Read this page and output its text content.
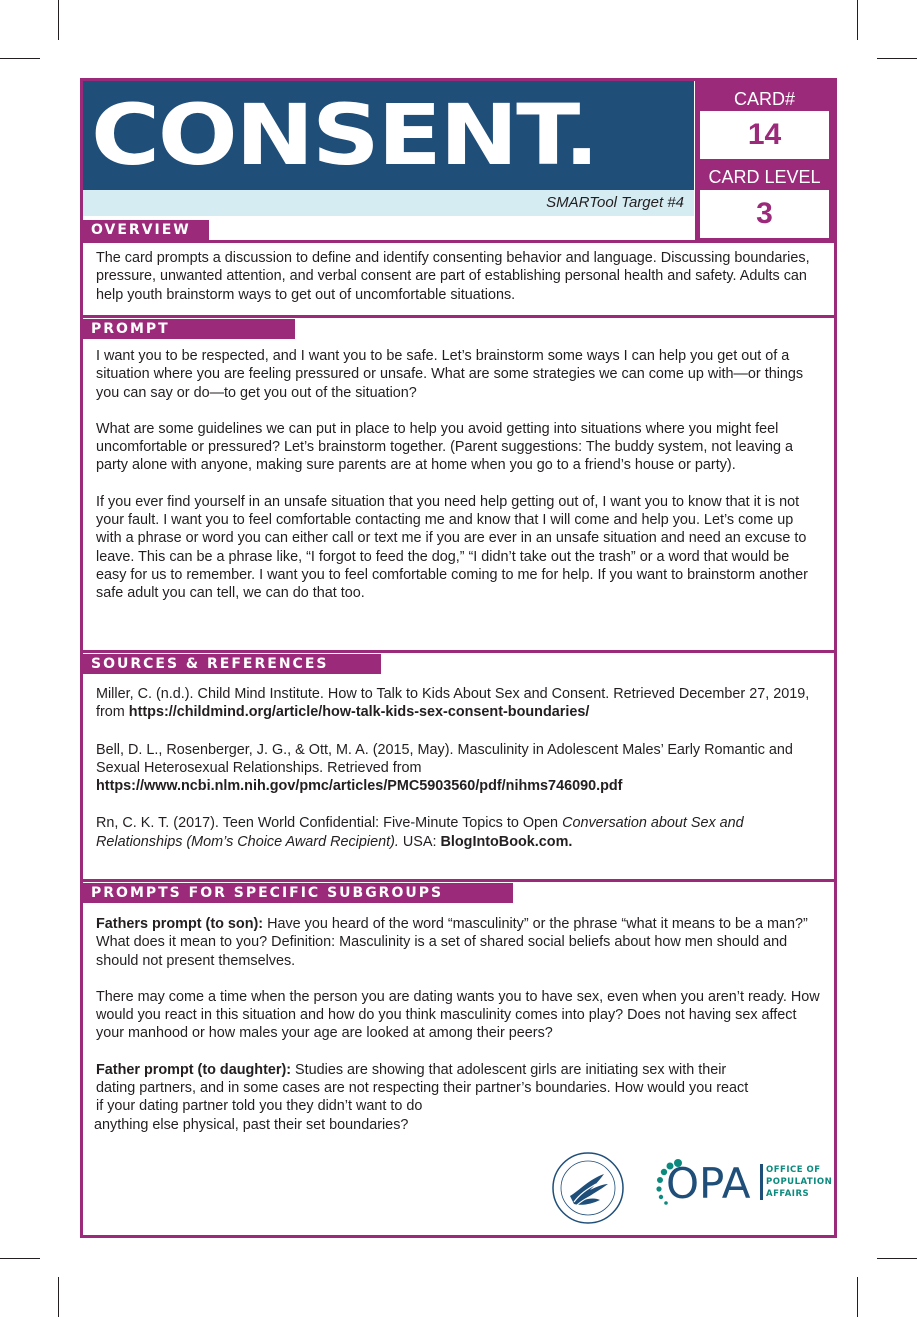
CONSENT.
SMARTool Target #4
CARD#
14
CARD LEVEL
3
OVERVIEW

The card prompts a discussion to define and identify consenting behavior and language. Discussing boundaries, pressure, unwanted attention, and verbal consent are part of establishing personal health and safety. Adults can help youth brainstorm ways to get out of uncomfortable situations.

PROMPT

I want you to be respected, and I want you to be safe. Let’s brainstorm some ways I can help you get out of a situation where you are feeling pressured or unsafe. What are some strategies we can come up with—or things you can say or do—to get you out of the situation?

What are some guidelines we can put in place to help you avoid getting into situations where you might feel uncomfortable or pressured? Let’s brainstorm together. (Parent suggestions: The buddy system, not leaving a party alone with anyone, making sure parents are at home when you go to a friend’s house or party).

If you ever find yourself in an unsafe situation that you need help getting out of, I want you to know that it is not your fault. I want you to feel comfortable contacting me and know that I will come and help you. Let’s come up with a phrase or word you can either call or text me if you are ever in an unsafe situation and need an excuse to leave. This can be a phrase like, “I forgot to feed the dog,” “I didn’t take out the trash” or a word that would be easy for us to remember. I want you to feel comfortable coming to me for help. If you want to brainstorm another safe adult you can tell, we can do that too.

SOURCES & REFERENCES

Miller, C. (n.d.). Child Mind Institute. How to Talk to Kids About Sex and Consent. Retrieved December 27, 2019, from https://childmind.org/article/how-talk-kids-sex-consent-boundaries/

Bell, D. L., Rosenberger, J. G., & Ott, M. A. (2015, May). Masculinity in Adolescent Males’ Early Romantic and Sexual Heterosexual Relationships. Retrieved from
https://www.ncbi.nlm.nih.gov/pmc/articles/PMC5903560/pdf/nihms746090.pdf

Rn, C. K. T. (2017). Teen World Confidential: Five-Minute Topics to Open Conversation about Sex and Relationships (Mom’s Choice Award Recipient). USA: BlogIntoBook.com.

PROMPTS FOR SPECIFIC SUBGROUPS

Fathers prompt (to son): Have you heard of the word “masculinity” or the phrase “what it means to be a man?” What does it mean to you? Definition: Masculinity is a set of shared social beliefs about how men should and should not present themselves.

There may come a time when the person you are dating wants you to have sex, even when you aren’t ready. How would you react in this situation and how do you think masculinity comes into play? Does not having sex affect your manhood or how males your age are looked at among their peers?

Father prompt (to daughter): Studies are showing that adolescent girls are initiating sex with their dating partners, and in some cases are not respecting their partner’s boundaries. How would you react if your dating partner told you they didn’t want to do

anything else physical, past their set boundaries?

OPA OFFICE OF
POPULATION
AFFAIRS
